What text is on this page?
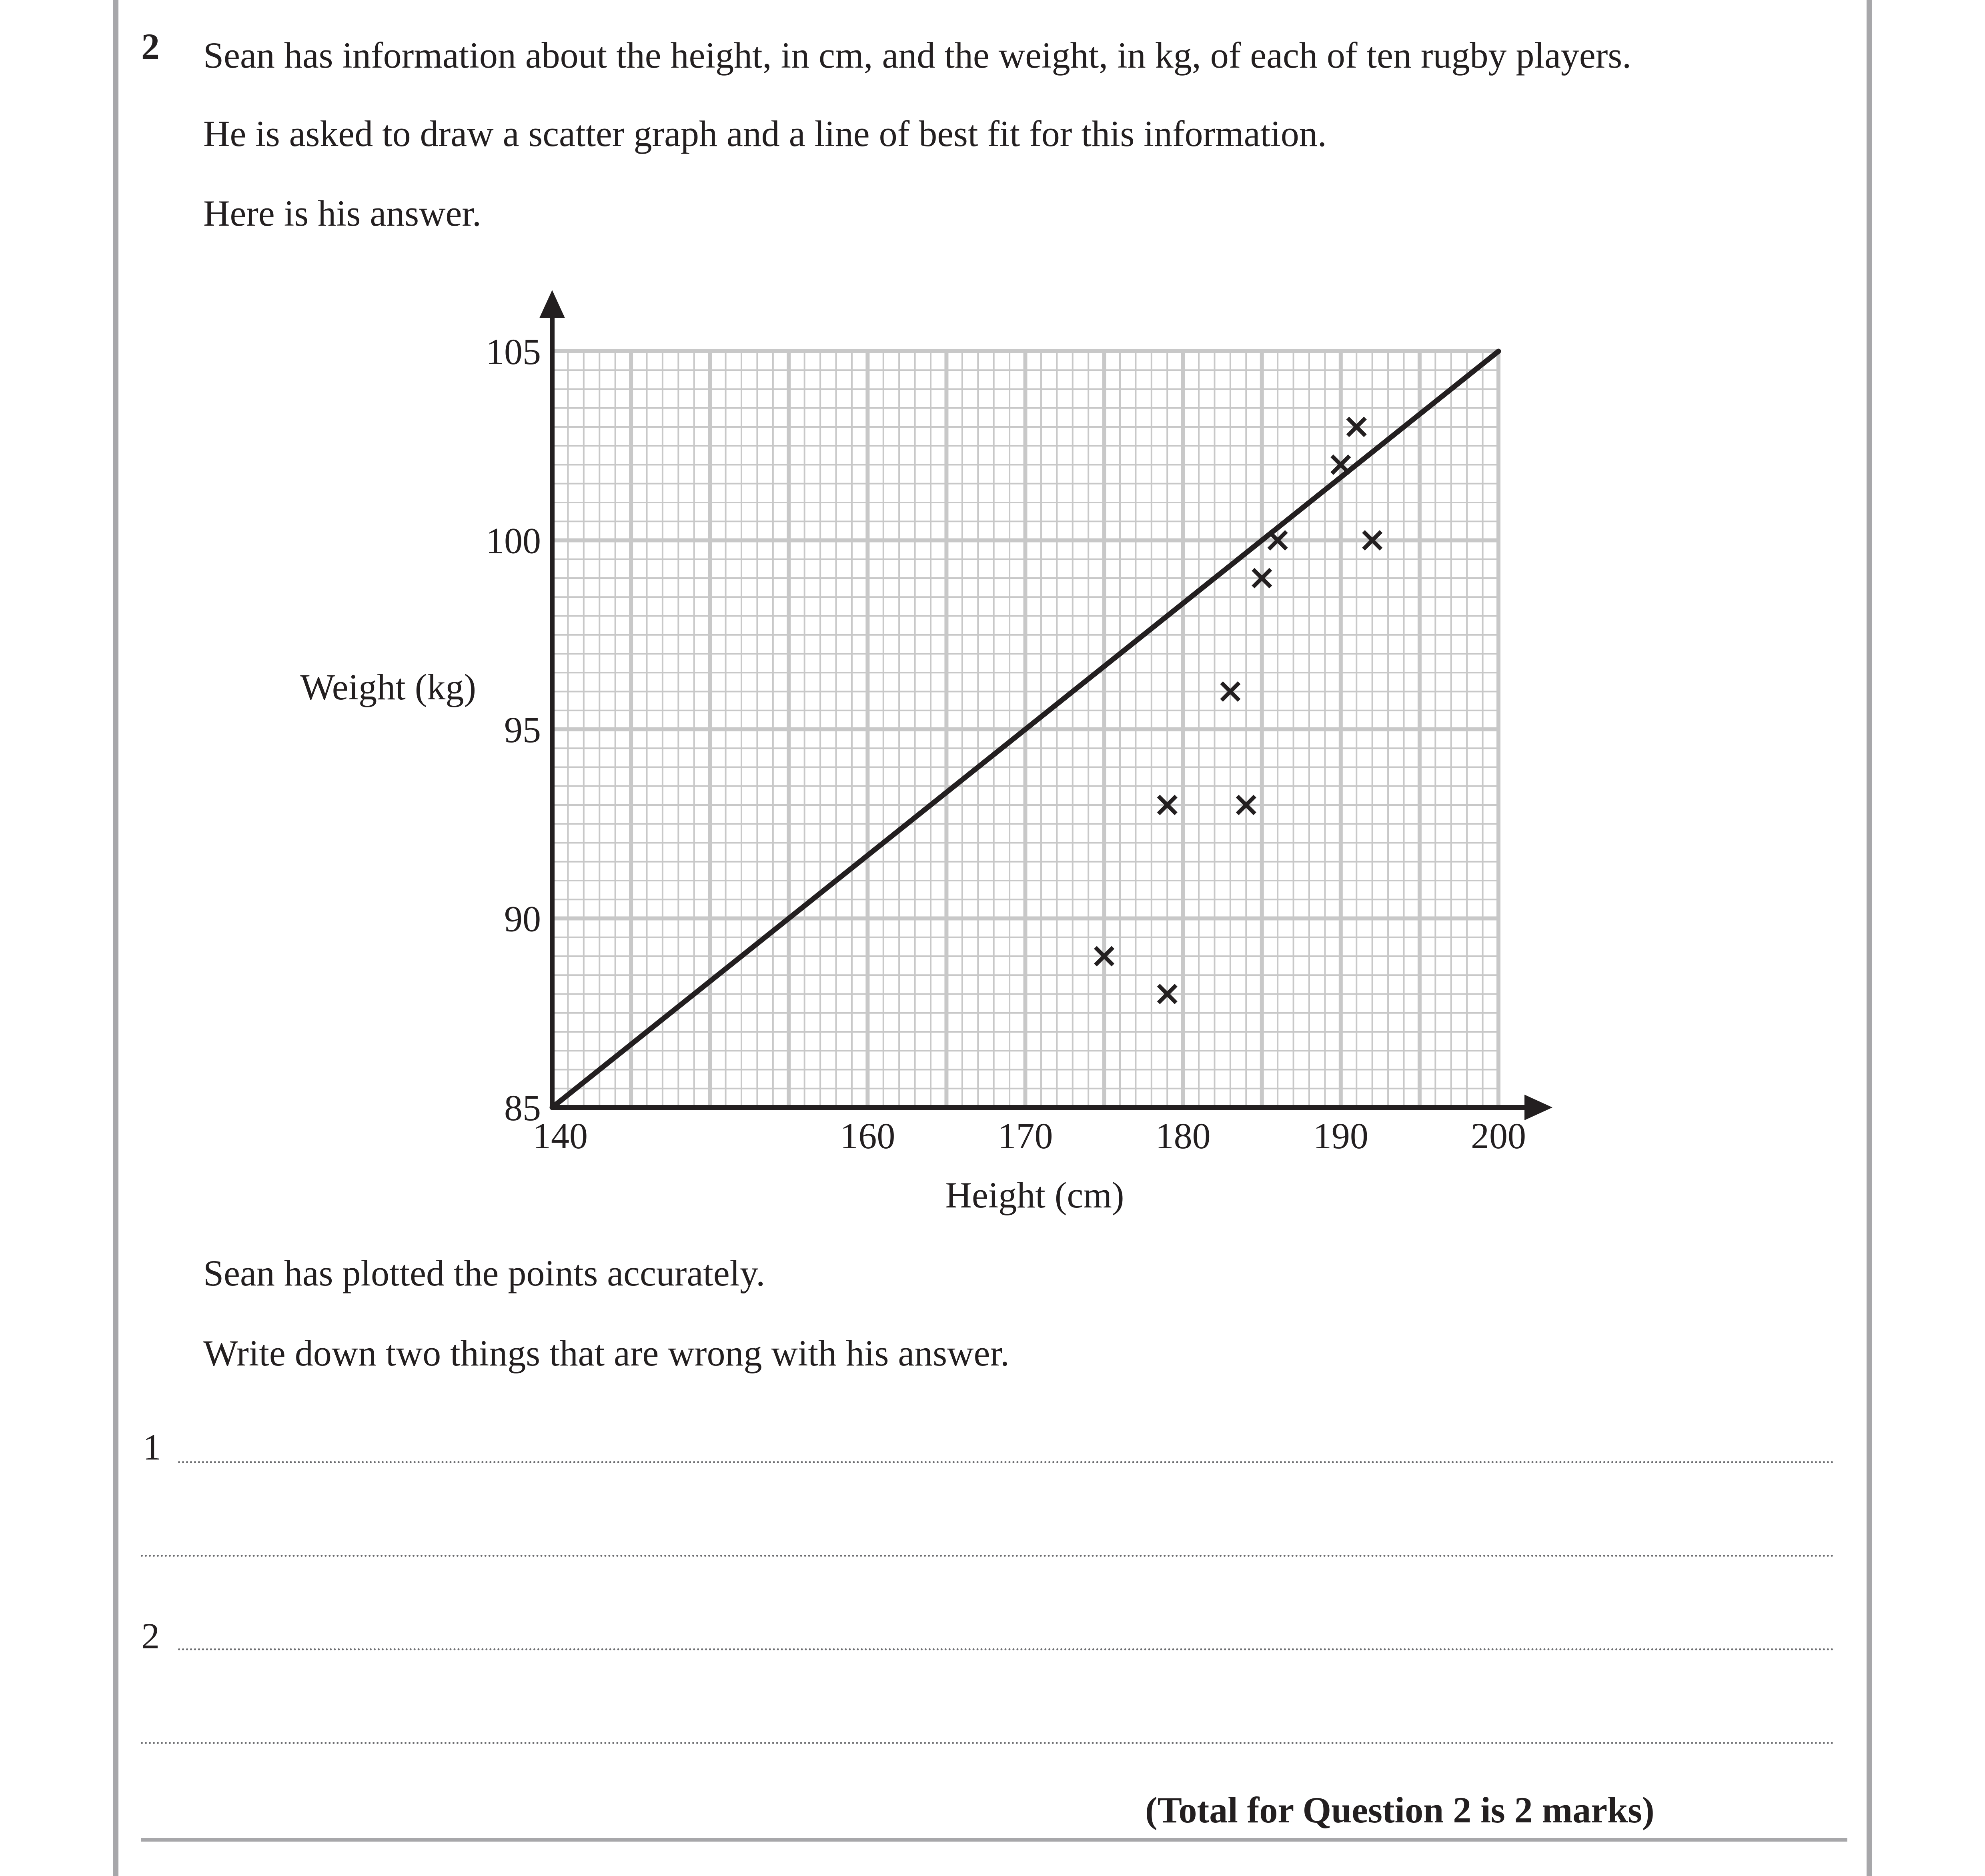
2 Sean has information about the height, in cm, and the weight, in kg, of each of ten rugby players.
He is asked to draw a scatter graph and a line of best fit for this information.
Here is his answer.
140	160	170	180	190	200
85
90
95
100
105
Weight (kg)
Height (cm)
Sean has plotted the points accurately.
Write down two things that are wrong with his answer.
1
2
(Total for Question 2 is 2 marks)
